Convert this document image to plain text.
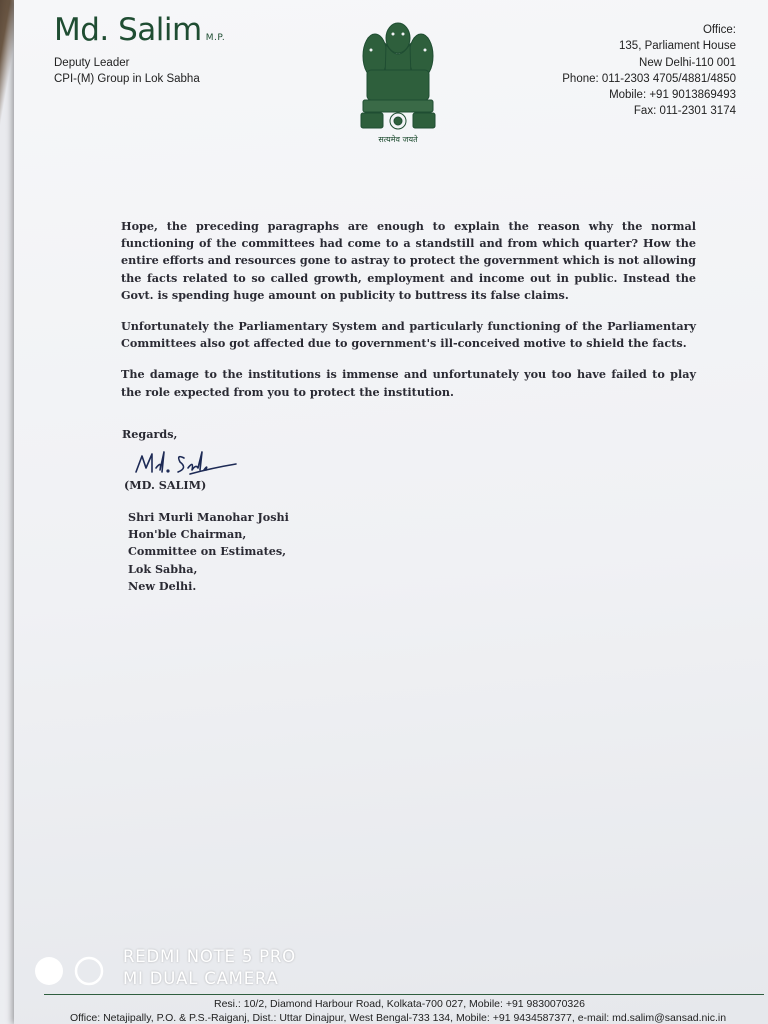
Md. Salim M.P.
Deputy Leader
CPI-(M) Group in Lok Sabha
सत्यमेव जयते
Office:
135, Parliament House
New Delhi-110 001
Phone: 011-2303 4705/4881/4850
Mobile: +91 9013869493
Fax: 011-2301 3174

Hope, the preceding paragraphs are enough to explain the reason why the normal functioning of the committees had come to a standstill and from which quarter? How the entire efforts and resources gone to astray to protect the government which is not allowing the facts related to so called growth, employment and income out in public. Instead the Govt. is spending huge amount on publicity to buttress its false claims.

Unfortunately the Parliamentary System and particularly functioning of the Parliamentary Committees also got affected due to government's ill-conceived motive to shield the facts.

The damage to the institutions is immense and unfortunately you too have failed to play the role expected from you to protect the institution.

Regards,
(MD. SALIM)
Shri Murli Manohar Joshi
Hon'ble Chairman,
Committee on Estimates,
Lok Sabha,
New Delhi.
Resi.: 10/2, Diamond Harbour Road, Kolkata-700 027, Mobile: +91 9830070326
Office: Netajipally, P.O. & P.S.-Raiganj, Dist.: Uttar Dinajpur, West Bengal-733 134, Mobile: +91 9434587377, e-mail: md.salim@sansad.nic.in
REDMI NOTE 5 PRO
MI DUAL CAMERA
